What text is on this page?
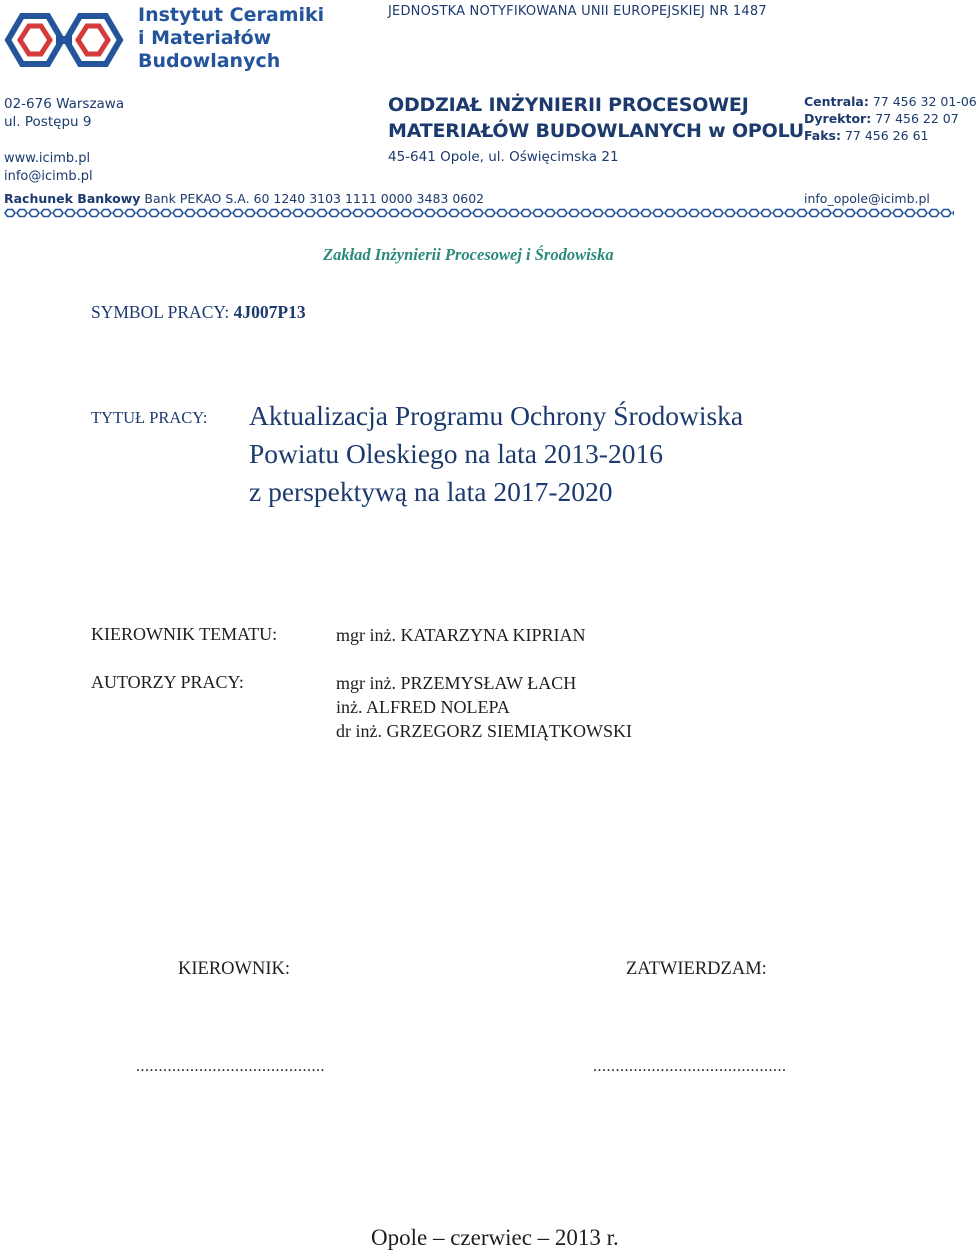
Instytut Ceramiki
i Materiałów
Budowlanych
JEDNOSTKA NOTYFIKOWANA UNII EUROPEJSKIEJ NR 1487
02-676 Warszawa
ul. Postępu 9
www.icimb.pl
info@icimb.pl
Rachunek Bankowy Bank PEKAO S.A. 60 1240 3103 1111 0000 3483 0602
ODDZIAŁ INŻYNIERII PROCESOWEJ
MATERIAŁÓW BUDOWLANYCH w OPOLU
45-641 Opole, ul. Oświęcimska 21
Centrala: 77 456 32 01-06
Dyrektor: 77 456 22 07
Faks: 77 456 26 61
info_opole@icimb.pl
Zakład Inżynierii Procesowej i Środowiska
SYMBOL PRACY: 4J007P13
TYTUŁ PRACY: Aktualizacja Programu Ochrony Środowiska
Powiatu Oleskiego na lata 2013-2016
z perspektywą na lata 2017-2020
KIEROWNIK TEMATU:	mgr inż. KATARZYNA KIPRIAN
AUTORZY PRACY:	mgr inż. PRZEMYSŁAW ŁACH
inż. ALFRED NOLEPA
dr inż. GRZEGORZ SIEMIĄTKOWSKI
KIEROWNIK:	ZATWIERDZAM:
..........................................	...........................................
Opole – czerwiec – 2013 r.
